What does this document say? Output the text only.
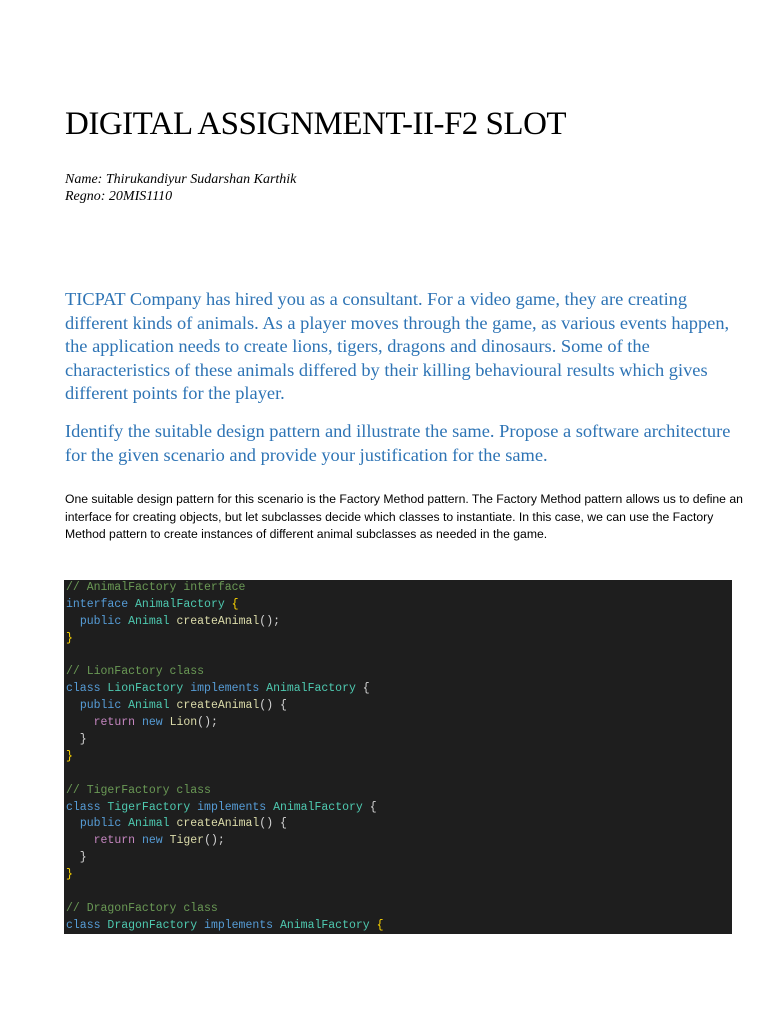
DIGITAL ASSIGNMENT-II-F2 SLOT
Name: Thirukandiyur Sudarshan Karthik
Regno: 20MIS1110

TICPAT Company has hired you as a consultant. For a video game, they are creating different kinds of animals. As a player moves through the game, as various events happen, the application needs to create lions, tigers, dragons and dinosaurs. Some of the characteristics of these animals differed by their killing behavioural results which gives different points for the player.

Identify the suitable design pattern and illustrate the same. Propose a software architecture for the given scenario and provide your justification for the same.

One suitable design pattern for this scenario is the Factory Method pattern. The Factory Method pattern allows us to define an interface for creating objects, but let subclasses decide which classes to instantiate. In this case, we can use the Factory Method pattern to create instances of different animal subclasses as needed in the game.

// AnimalFactory interface
interface AnimalFactory {
public Animal createAnimal();
}

// LionFactory class
class LionFactory implements AnimalFactory {
public Animal createAnimal() {
return new Lion();
}
}

// TigerFactory class
class TigerFactory implements AnimalFactory {
public Animal createAnimal() {
return new Tiger();
}
}

// DragonFactory class
class DragonFactory implements AnimalFactory {
